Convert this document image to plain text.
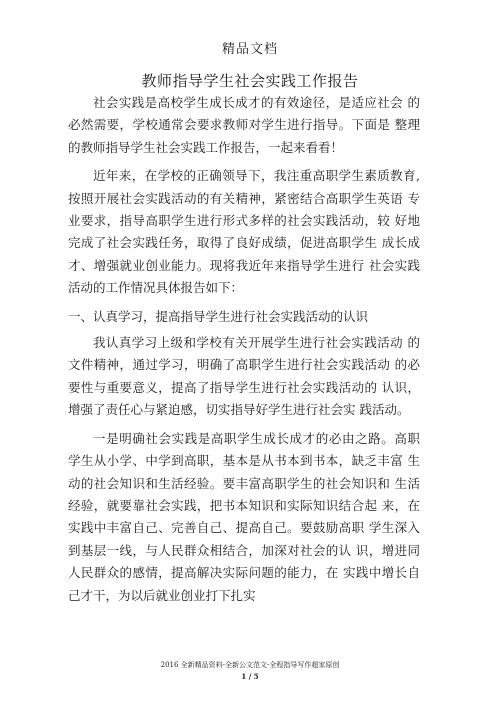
精品文档
教师指导学生社会实践工作报告

社会实践是高校学生成长成才的有效途径，是适应社会 的必然需要，学校通常会要求教师对学生进行指导。下面是 整理的教师指导学生社会实践工作报告，一起来看看！

近年来，在学校的正确领导下，我注重高职学生素质教育, 按照开展社会实践活动的有关精神，紧密结合高职学生英语 专业要求，指导高职学生进行形式多样的社会实践活动，较 好地完成了社会实践任务，取得了良好成绩，促进高职学生 成长成才、增强就业创业能力。现将我近年来指导学生进行 社会实践活动的工作情况具体报告如下：

一、认真学习，提高指导学生进行社会实践活动的认识

我认真学习上级和学校有关开展学生进行社会实践活动 的文件精神，通过学习，明确了高职学生进行社会实践活动 的必要性与重要意义，提高了指导学生进行社会实践活动的 认识，增强了责任心与紧迫感，切实指导好学生进行社会实 践活动。

一是明确社会实践是高职学生成长成才的必由之路。高职 学生从小学、中学到高职，基本是从书本到书本，缺乏丰富 生动的社会知识和生活经验。要丰富高职学生的社会知识和 生活经验，就要靠社会实践，把书本知识和实际知识结合起 来，在实践中丰富自己、完善自己、提高自己。要鼓励高职 学生深入到基层一线，与人民群众相结合，加深对社会的认 识，增进同人民群众的感情，提高解决实际问题的能力，在 实践中增长自己才干，为以后就业创业打下扎实

2016 全新精品资料-全新公文范文-全程指导写作超家原创
1 / 5
